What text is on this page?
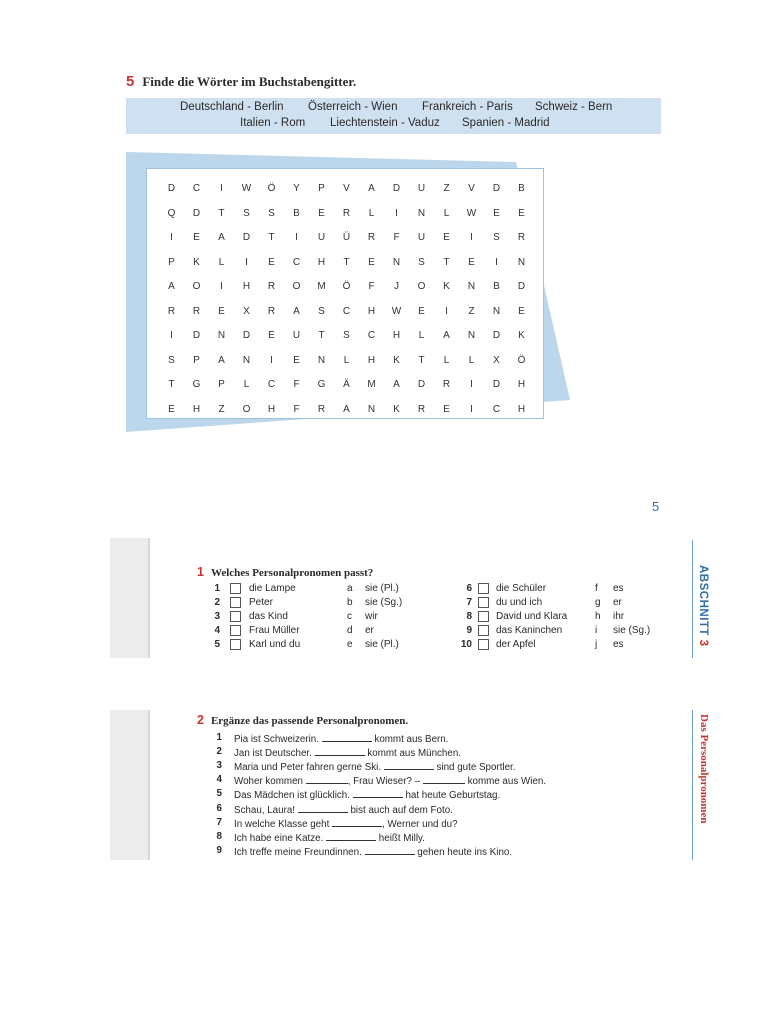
5 Finde die Wörter im Buchstabengitter.
Deutschland - Berlin Österreich - Wien Frankreich - Paris Schweiz - Bern
Italien - Rom Liechtenstein - Vaduz Spanien - Madrid
D	C	I	W	Ö	Y	P	V	A	D	U	Z	V	D	B
Q	D	T	S	S	B	E	R	L	I	N	L	W	E	E
I	E	A	D	T	I	U	Ü	R	F	U	E	I	S	R
P	K	L	I	E	C	H	T	E	N	S	T	E	I	N
A	O	I	H	R	O	M	Ö	F	J	O	K	N	B	D
R	R	E	X	R	A	S	C	H	W	E	I	Z	N	E
I	D	N	D	E	U	T	S	C	H	L	A	N	D	K
S	P	A	N	I	E	N	L	H	K	T	L	L	X	Ö
T	G	P	L	C	F	G	Ä	M	A	D	R	I	D	H
E	H	Z	O	H	F	R	A	N	K	R	E	I	C	H
5
1 Welches Personalpronomen passt?
1	die Lampe	a sie (Pl.)	6 die Schüler	f es
2	Peter	b sie (Sg.)	7 du und ich	g er
3	das Kind	c wir	8 David und Klara	h ihr
4	Frau Müller	d er	9 das Kaninchen	i sie (Sg.)
5	Karl und du	e sie (Pl.)	10 der Apfel	j es
2 Ergänze das passende Personalpronomen.
1 Pia ist Schweizerin.	kommt aus Bern.
2 Jan ist Deutscher.	kommt aus München.
3 Maria und Peter fahren gerne Ski.	sind gute Sportler.
4 Woher kommen	, Frau Wieser? –	komme aus Wien.
5 Das Mädchen ist glücklich.	hat heute Geburtstag.
6 Schau, Laura!	bist auch auf dem Foto.
7 In welche Klasse geht	, Werner und du?
8 Ich habe eine Katze.	heißt Milly.
9 Ich treffe meine Freundinnen.	gehen heute ins Kino.
ABSCHNITT 3
Das Personalpronomen
